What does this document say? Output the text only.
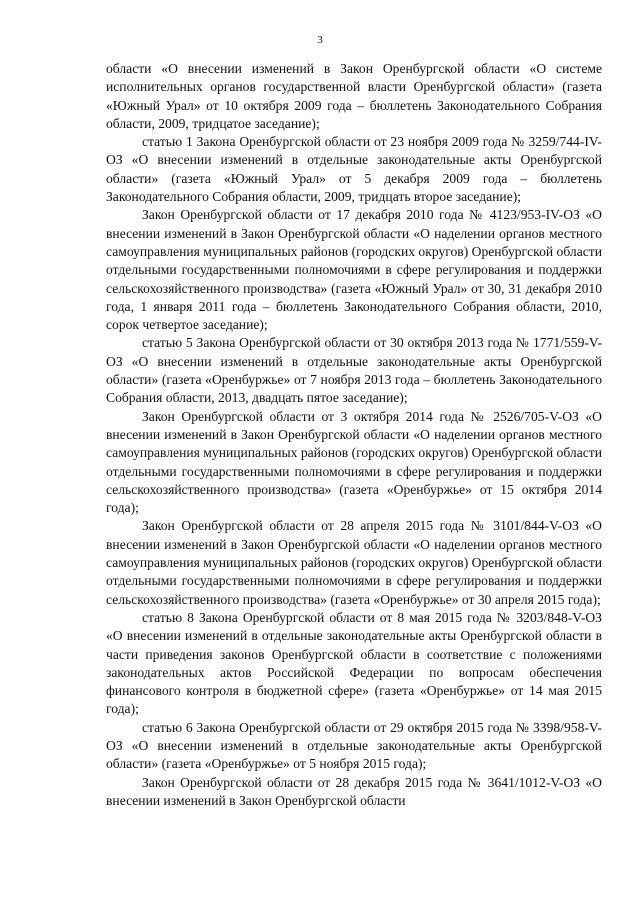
3

области «О внесении изменений в Закон Оренбургской области «О системе исполнительных органов государственной власти Оренбургской области» (газета «Южный Урал» от 10 октября 2009 года – бюллетень Законодательного Собрания области, 2009, тридцатое заседание);

статью 1 Закона Оренбургской области от 23 ноября 2009 года № 3259/744-IV-ОЗ «О внесении изменений в отдельные законодательные акты Оренбургской области» (газета «Южный Урал» от 5 декабря 2009 года – бюллетень Законодательного Собрания области, 2009, тридцать второе заседание);

Закон Оренбургской области от 17 декабря 2010 года № 4123/953-IV-ОЗ «О внесении изменений в Закон Оренбургской области «О наделении органов местного самоуправления муниципальных районов (городских округов) Оренбургской области отдельными государственными полномочиями в сфере регулирования и поддержки сельскохозяйственного производства» (газета «Южный Урал» от 30, 31 декабря 2010 года, 1 января 2011 года – бюллетень Законодательного Собрания области, 2010, сорок четвертое заседание);

статью 5 Закона Оренбургской области от 30 октября 2013 года № 1771/559-V-ОЗ «О внесении изменений в отдельные законодательные акты Оренбургской области» (газета «Оренбуржье» от 7 ноября 2013 года – бюллетень Законодательного Собрания области, 2013, двадцать пятое заседание);

Закон Оренбургской области от 3 октября 2014 года № 2526/705-V-ОЗ «О внесении изменений в Закон Оренбургской области «О наделении органов местного самоуправления муниципальных районов (городских округов) Оренбургской области отдельными государственными полномочиями в сфере регулирования и поддержки сельскохозяйственного производства» (газета «Оренбуржье» от 15 октября 2014 года);

Закон Оренбургской области от 28 апреля 2015 года № 3101/844-V-ОЗ «О внесении изменений в Закон Оренбургской области «О наделении органов местного самоуправления муниципальных районов (городских округов) Оренбургской области отдельными государственными полномочиями в сфере регулирования и поддержки сельскохозяйственного производства» (газета «Оренбуржье» от 30 апреля 2015 года);

статью 8 Закона Оренбургской области от 8 мая 2015 года № 3203/848-V-ОЗ «О внесении изменений в отдельные законодательные акты Оренбургской области в части приведения законов Оренбургской области в соответствие с положениями законодательных актов Российской Федерации по вопросам обеспечения финансового контроля в бюджетной сфере» (газета «Оренбуржье» от 14 мая 2015 года);

статью 6 Закона Оренбургской области от 29 октября 2015 года № 3398/958-V-ОЗ «О внесении изменений в отдельные законодательные акты Оренбургской области» (газета «Оренбуржье» от 5 ноября 2015 года);

Закон Оренбургской области от 28 декабря 2015 года № 3641/1012-V-ОЗ «О внесении изменений в Закон Оренбургской области
